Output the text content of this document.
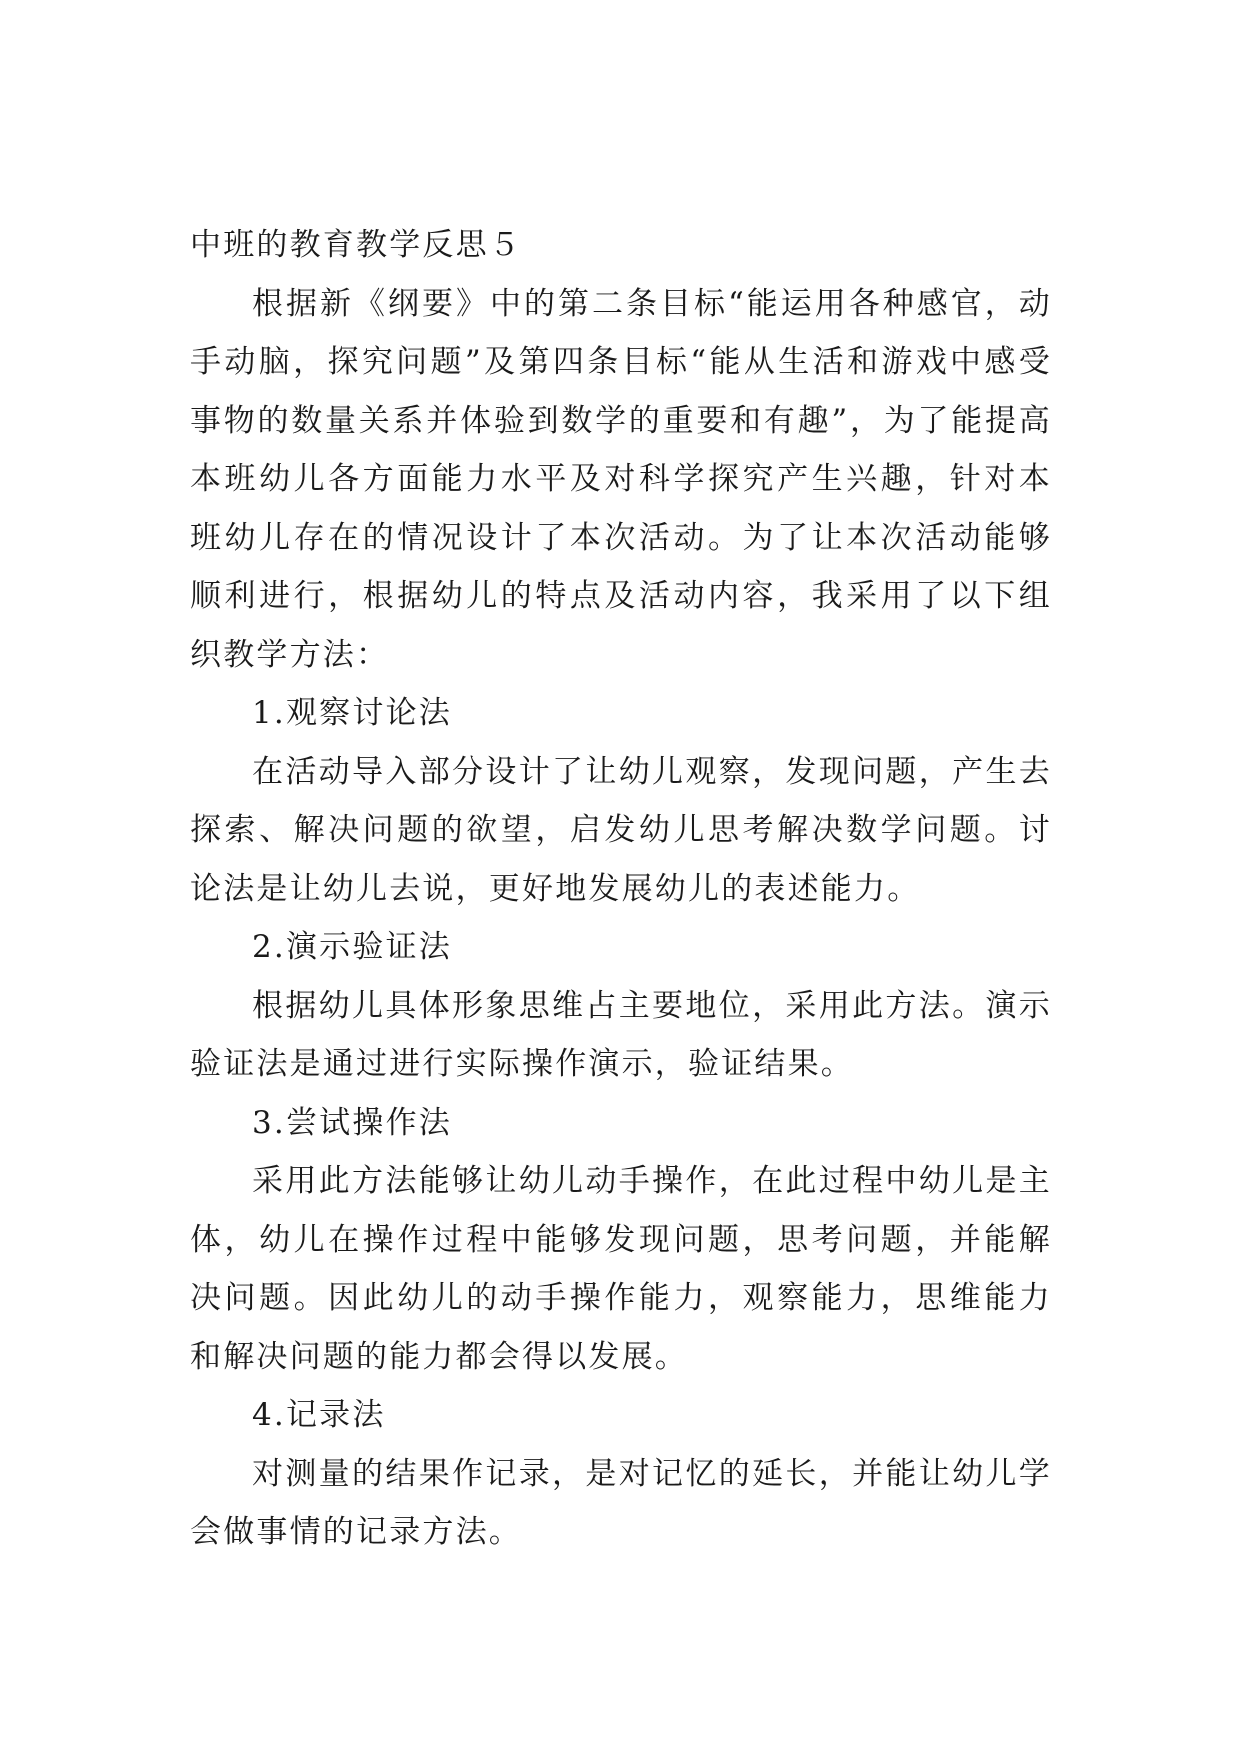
中班的教育教学反思５

根据新《纲要》中的第二条目标“能运用各种感官，动手动脑，探究问题”及第四条目标“能从生活和游戏中感受事物的数量关系并体验到数学的重要和有趣”，为了能提高本班幼儿各方面能力水平及对科学探究产生兴趣，针对本班幼儿存在的情况设计了本次活动。为了让本次活动能够顺利进行，根据幼儿的特点及活动内容，我采用了以下组织教学方法：

1.观察讨论法

在活动导入部分设计了让幼儿观察，发现问题，产生去探索、解决问题的欲望，启发幼儿思考解决数学问题。讨论法是让幼儿去说，更好地发展幼儿的表述能力。

2.演示验证法

根据幼儿具体形象思维占主要地位，采用此方法。演示验证法是通过进行实际操作演示，验证结果。

3.尝试操作法

采用此方法能够让幼儿动手操作，在此过程中幼儿是主体，幼儿在操作过程中能够发现问题，思考问题，并能解决问题。因此幼儿的动手操作能力，观察能力，思维能力和解决问题的能力都会得以发展。

4.记录法

对测量的结果作记录，是对记忆的延长，并能让幼儿学会做事情的记录方法。
